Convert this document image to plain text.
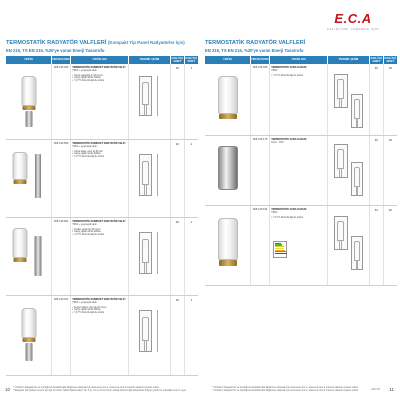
E.C.A
ÇALIŞIYOR, YAŞAMAK İÇİN
TERMOSTATİK RADYATÖR VALFLERİ (Kompakt Tip Panel Radyatörler İçin)
EN 215, TS EN 215, %20'ye varan Enerji Tasarrufu
ÜRÜN	ÜRÜN KODU	ÜRÜN ADI	TEKNİK ÇİZİM	KOLİ İÇİ ADET
KOLİ İÇİ ADET
605 130 400	TERMOSTATİK KOMPAKT RADYATÖR VALFİ
TRV4 + çeşmeşik vanlı
• Isıtma yapaylığı ön 25 mmm
• Geçiş yapalı saf ile birlikte
• 7-17°C Dond Anılığı ile Limits
20	1
605 130 500	TERMOSTATİK KOMPAKT RADYATÖR VALFİ
TRV4 + çeşmeşik vanlı
• Isıtma başa, uzun tip 30 mm
• Geçiş yapalı saf ile birlikte
• 7-17°C Dond Anılığı ile Limits
20	1
605 130 601	TERMOSTATİK KOMPAKT RADYATÖR VALFİ
TRV4 + çeşmeşik vanlı
• Kısalsı vanalı tip 20 mmm
• Geçiş yapalı saf ile birlikte
• 7-17°C Dond Anılığı ile Limits
20	1
605 130 611	TERMOSTATİK KOMPAKT RADYATÖR VALFİ
TRV4 + çeşmeşik vanlı
• Kenter başsız, kısa tip 20 mmm
• Geçiş yapalı saf ile birlikte
• 7-17°C Dond Anılığı ile Limits
20	1
TERMOSTATİK RADYATÖR VALFLERİ
EN 215, TS EN 215, %20'ye varan Enerji Tasarrufu
ÜRÜN	ÜRÜN KODU	ÜRÜN ADI	TEKNİK ÇİZİM	KOLİ İÇİ ADET
KOLİ İÇİ ADET
605 130 326	TERMOSTATİK VANA KAFASI
TRV4
• 7-17°C Dond Anılığı ile Limits
40	18
605 130 173	TERMOSTATİK VANA KAFASI
Krom - TRV
40	18
605 130 104	TERMOSTATİK VANA KAFASI
TRV4
• 7-17°C Dond Anılığı ile Limits
54	20
10 * Ürünlerin belgelerinin ve içerdiği termostatik kafa bilgilerine ulaşmak için www.eca.com.tr, www.eca.com.tr internet sitelerini ziyaret ediniz.
* Radyatör pik vanları mevcut için tipi bir üzüm Tekstil Malzemeleri Tic. A.Ş. 'nin ve Ürün Verm olarak tümünü ilgili anlaşılmaz ihtiyacı yazılı bir ruhsatları.com.tr veya
* Ürünlerin belgelerinin ve içerdiği termostatik kafa bilgilerine ulaşmak için www.eca.com.tr, www.eca.com.tr internet sitelerini ziyaret ediniz.
* Ürünlerin belgelerinin ve içerdiği termostatik kafa bilgilerine ulaşmak için www.eca.com.tr, www.eca.com.tr internet sitelerini ziyaret ediniz.	1217-07 11
